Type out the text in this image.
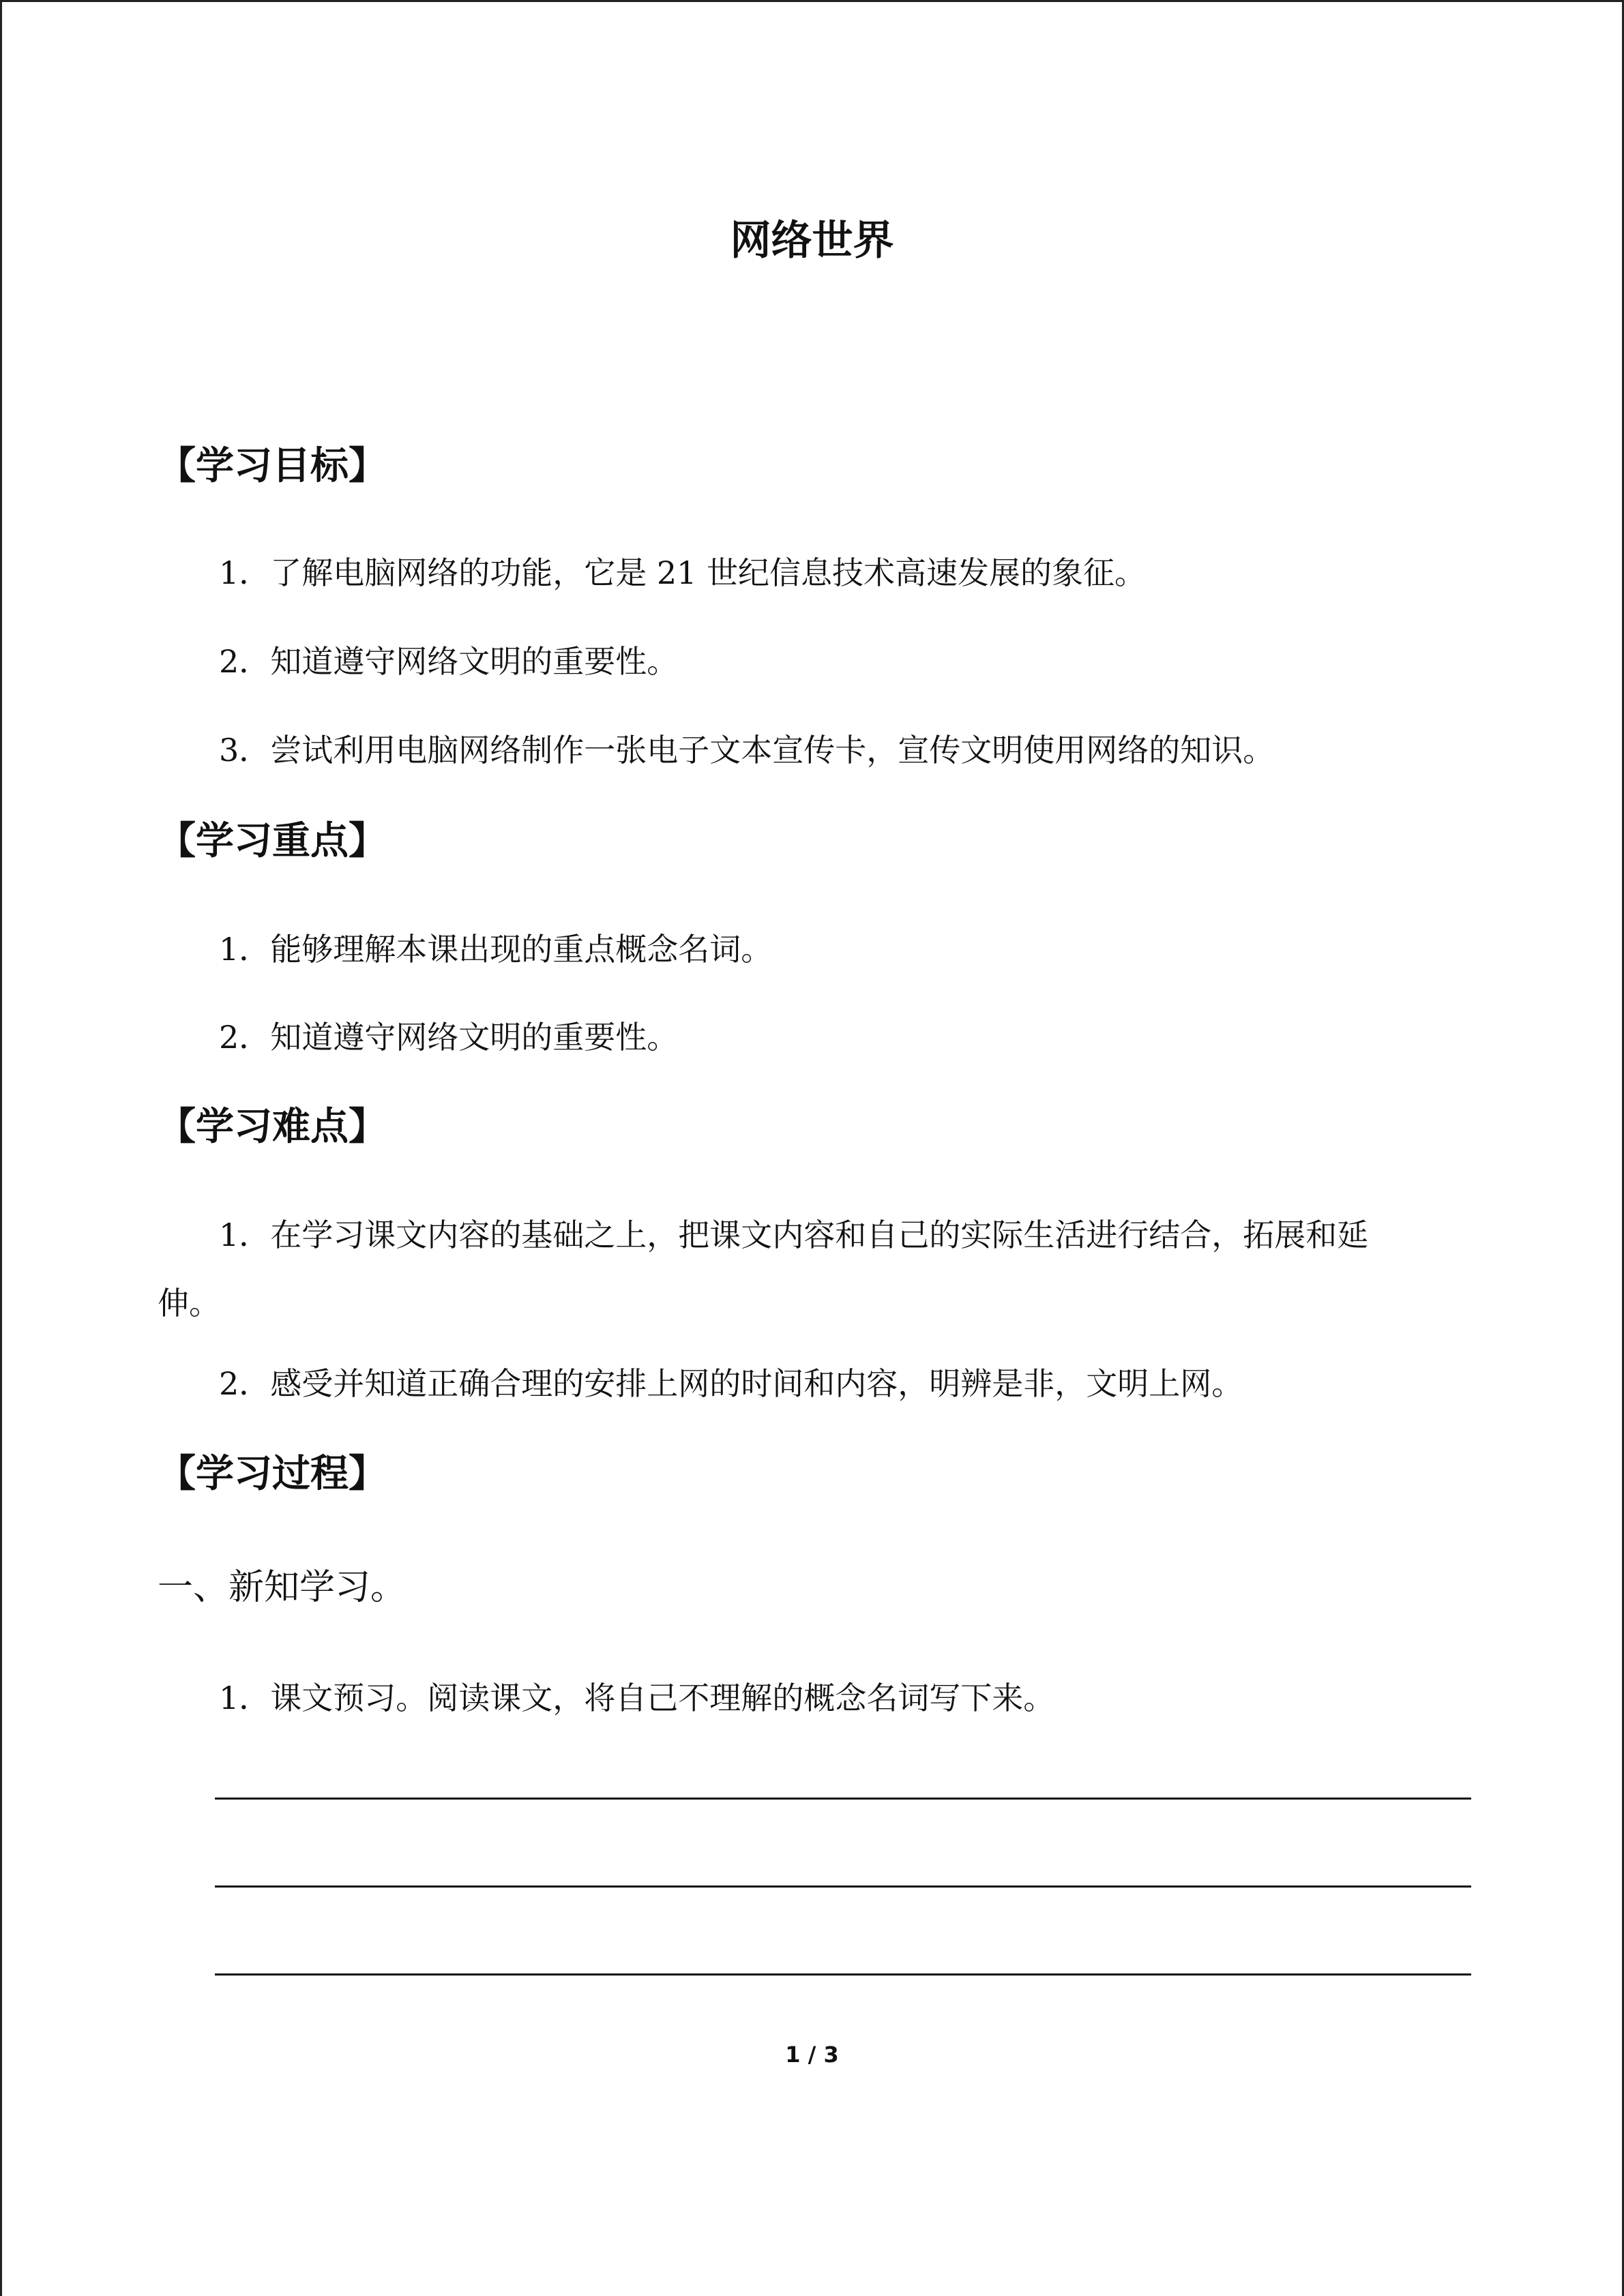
网络世界
【学习目标】
1．了解电脑网络的功能，它是 21 世纪信息技术高速发展的象征。
2．知道遵守网络文明的重要性。
3．尝试利用电脑网络制作一张电子文本宣传卡，宣传文明使用网络的知识。
【学习重点】
1．能够理解本课出现的重点概念名词。
2．知道遵守网络文明的重要性。
【学习难点】
1．在学习课文内容的基础之上，把课文内容和自己的实际生活进行结合，拓展和延伸。
2．感受并知道正确合理的安排上网的时间和内容，明辨是非，文明上网。
【学习过程】
一、新知学习。
1．课文预习。阅读课文，将自己不理解的概念名词写下来。
1 / 3
